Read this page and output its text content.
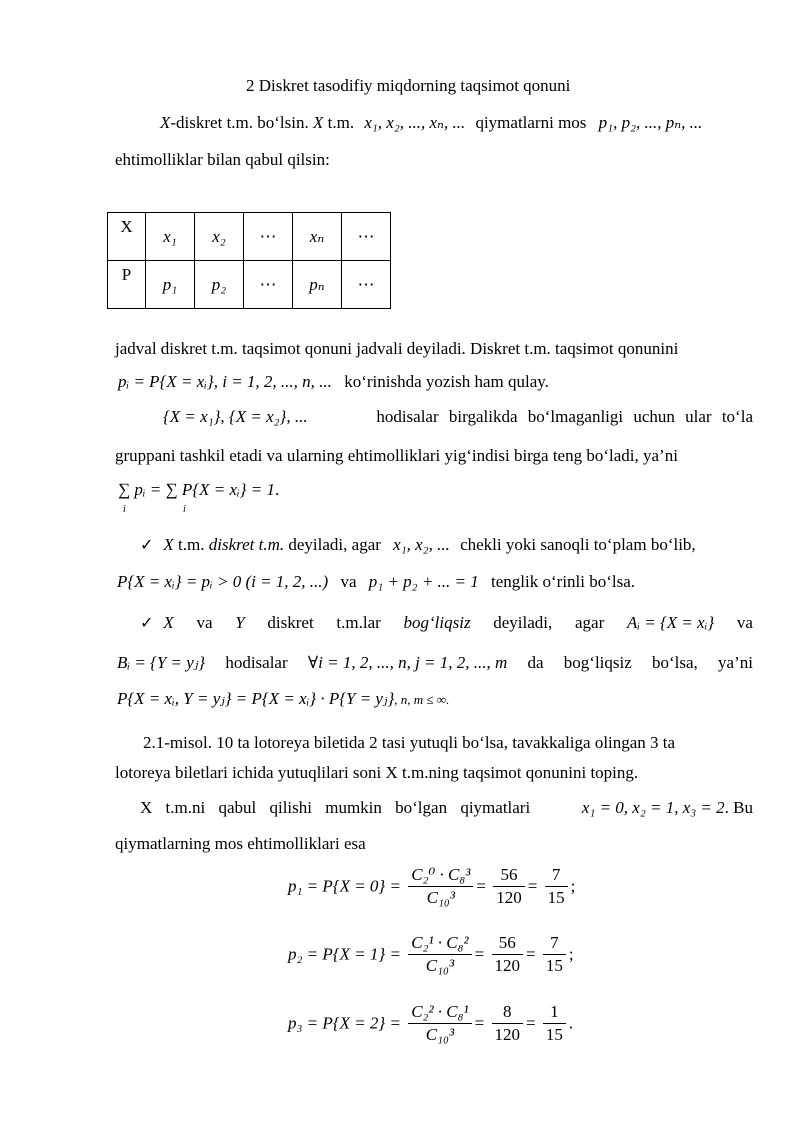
2 Diskret tasodifiy miqdorning taqsimot qonuni
X-diskret t.m. bo‘lsin. X t.m. x₁, x₂, ..., xₙ, ... qiymatlarni mos p₁, p₂, ..., pₙ, ...
ehtimolliklar bilan qabul qilsin:
X	x₁	x₂	⋯	xₙ	⋯
P	p₁	p₂	⋯	pₙ	⋯
jadval diskret t.m. taqsimot qonuni jadvali deyiladi. Diskret t.m. taqsimot qonunini
pᵢ = P{X = xᵢ}, i = 1, 2, ..., n, ... ko‘rinishda yozish ham qulay.
{X = x₁}, {X = x₂}, ...	hodisalar birgalikda bo‘lmaganligi uchun ular to‘la
gruppani tashkil etadi va ularning ehtimolliklari yig‘indisi birga teng bo‘ladi, ya’ni
∑ pᵢ = ∑ P{X = xᵢ} = 1.
i	i
✓ X t.m. diskret t.m. deyiladi, agar x₁, x₂, ... chekli yoki sanoqli to‘plam bo‘lib,
P{X = xᵢ} = pᵢ > 0 (i = 1, 2, ...) va p₁ + p₂ + ... = 1 tenglik o‘rinli bo‘lsa.
✓ X va Y diskret t.m.lar bog‘liqsiz deyiladi, agar Aᵢ = {X = xᵢ} va
Bᵢ = {Y = yⱼ} hodisalar ∀i = 1, 2, ..., n, j = 1, 2, ..., m da bog‘liqsiz bo‘lsa, ya’ni
P{X = xᵢ, Y = yⱼ} = P{X = xᵢ} · P{Y = yⱼ}, n, m ≤ ∞.
2.1-misol. 10 ta lotoreya biletida 2 tasi yutuqli bo‘lsa, tavakkaliga olingan 3 ta
lotoreya biletlari ichida yutuqlilari soni X t.m.ning taqsimot qonunini toping.
X t.m.ni qabul qilishi mumkin bo‘lgan qiymatlari	x₁ = 0, x₂ = 1, x₃ = 2. Bu
qiymatlarning mos ehtimolliklari esa
$p_1 = P\{X = 0\} = \frac{\text{C₂⁰ · C₈³}}{\text{C₁₀³}} = \frac{56}{120} = \frac{7}{15}$ ;
$p_2 = P\{X = 1\} = \frac{\text{C₂¹ · C₈²}}{\text{C₁₀³}} = \frac{56}{120} = \frac{7}{15}$ ;
$p_3 = P\{X = 2\} = \frac{\text{C₂² · C₈¹}}{\text{C₁₀³}} = \frac{8}{120} = \frac{1}{15}$ .
